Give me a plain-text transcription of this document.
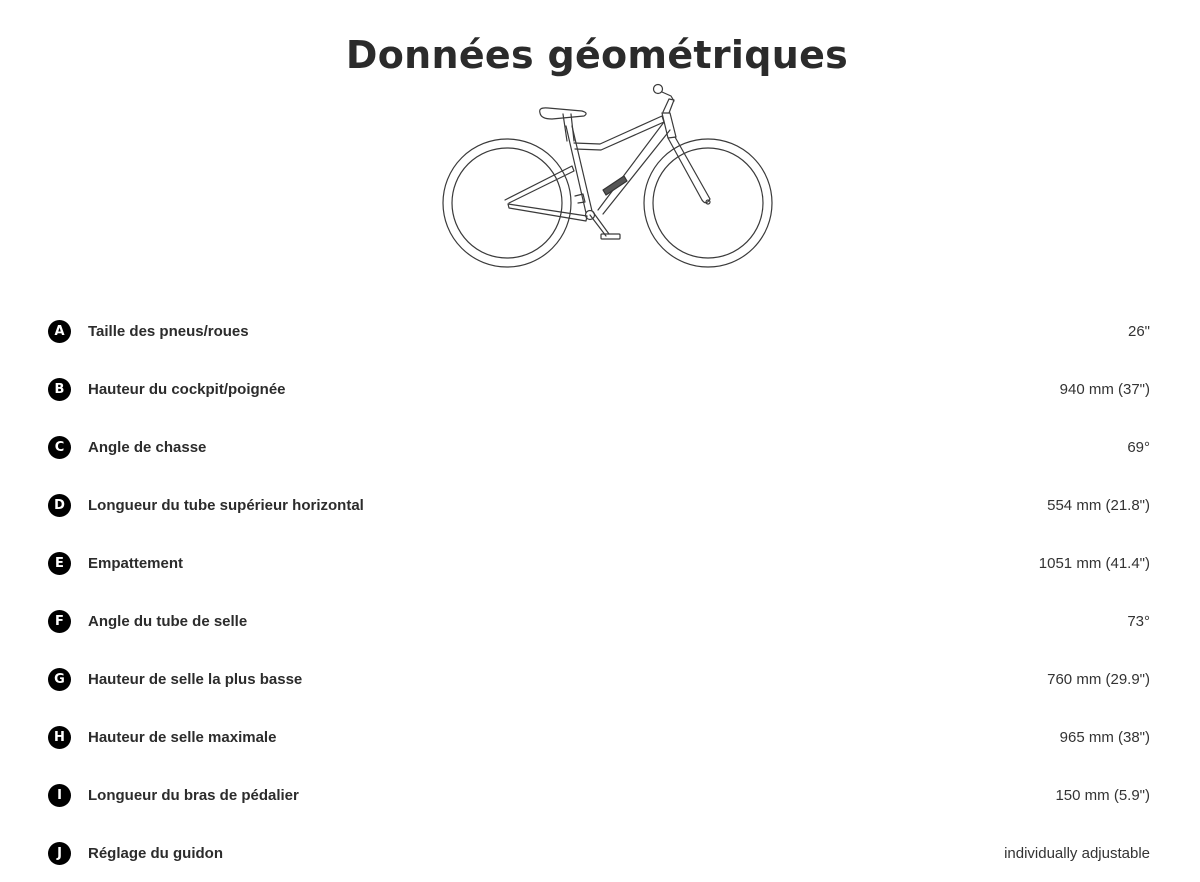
Données géométriques
A	Taille des pneus/roues	26"
B	Hauteur du cockpit/poignée	940 mm (37")
C	Angle de chasse	69°
D	Longueur du tube supérieur horizontal	554 mm (21.8")
E	Empattement	1051 mm (41.4")
F	Angle du tube de selle	73°
G	Hauteur de selle la plus basse	760 mm (29.9")
H	Hauteur de selle maximale	965 mm (38")
I	Longueur du bras de pédalier	150 mm (5.9")
J	Réglage du guidon	individually adjustable
